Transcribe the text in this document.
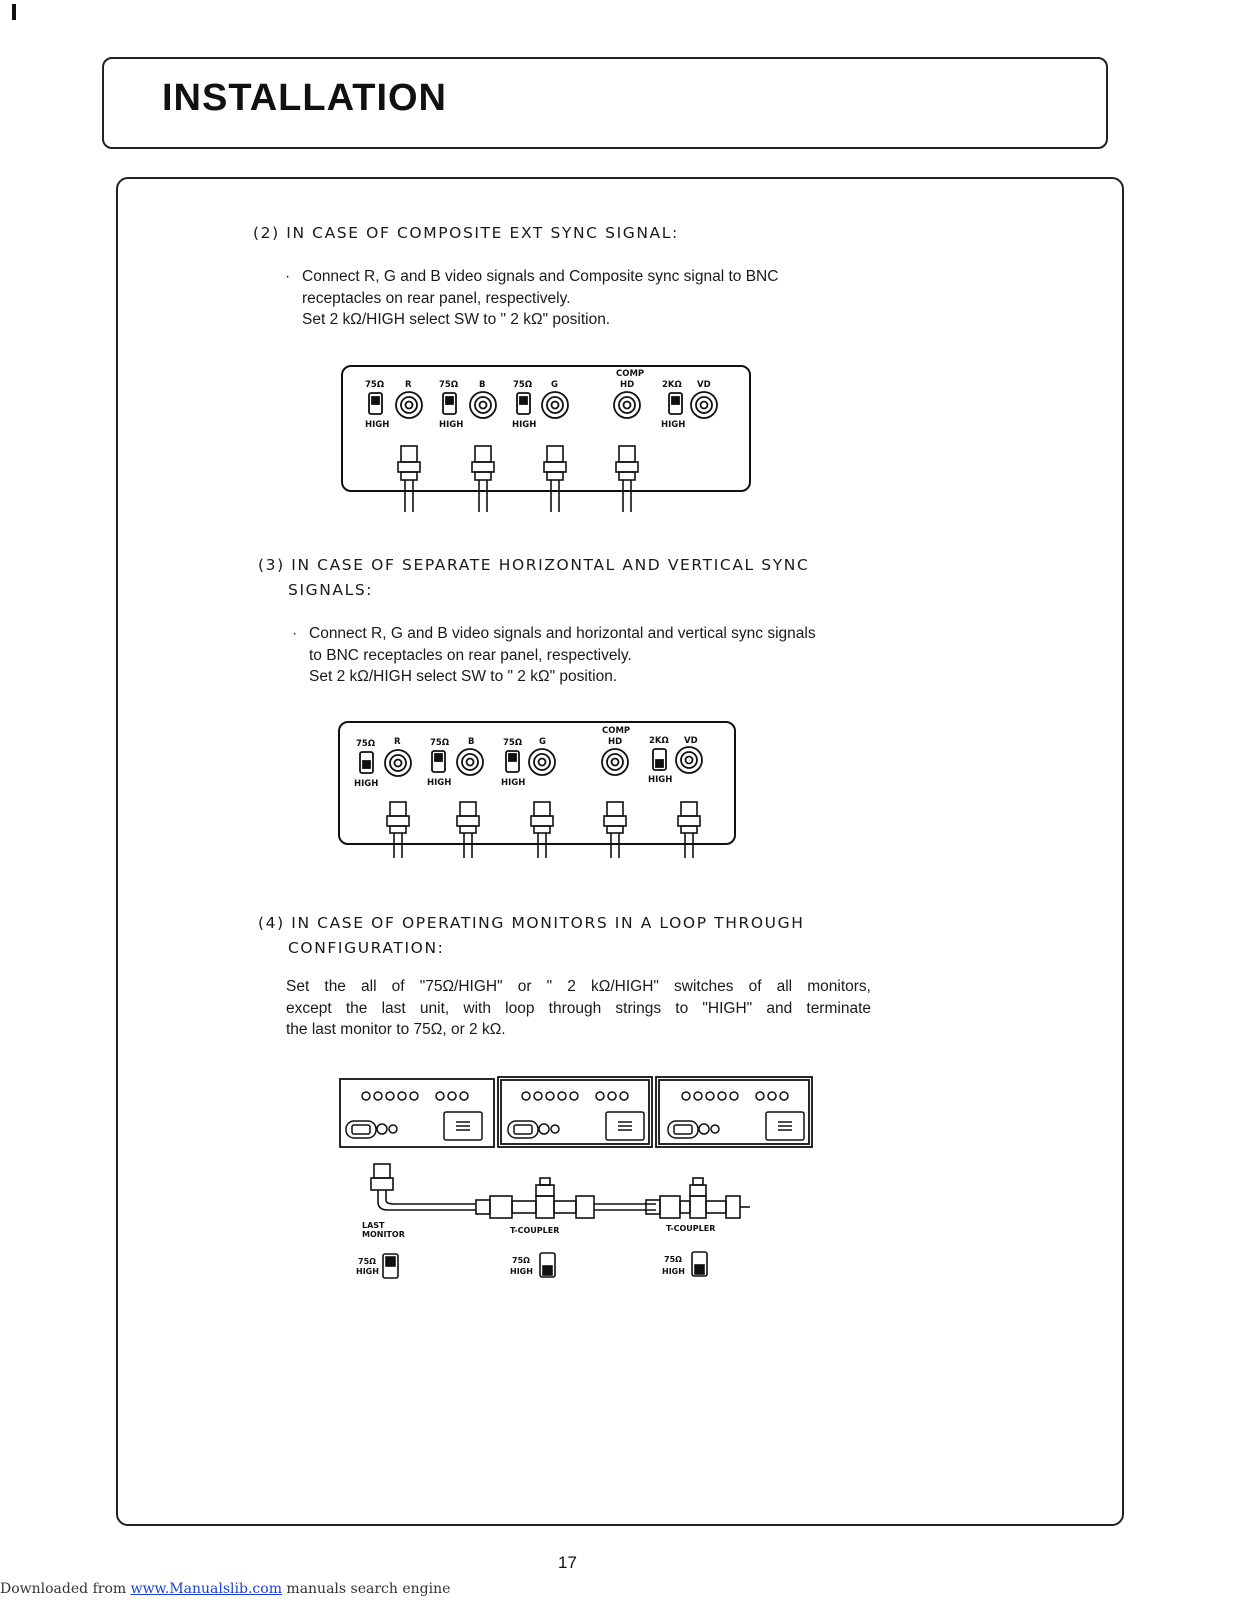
INSTALLATION
(2) IN CASE OF COMPOSITE EXT SYNC SIGNAL:
· Connect R, G and B video signals and Composite sync signal to BNC
receptacles on rear panel, respectively.
Set 2 kΩ/HIGH select SW to " 2 kΩ" position.
75Ω R	75Ω B	75Ω G
COMP
HD	2KΩ VD
HIGH	HIGH	HIGH	HIGH
(3) IN CASE OF SEPARATE HORIZONTAL AND VERTICAL SYNC
SIGNALS:
· Connect R, G and B video signals and horizontal and vertical sync signals
to BNC receptacles on rear panel, respectively.
Set 2 kΩ/HIGH select SW to " 2 kΩ" position.
75Ω R	75Ω B	75Ω G
COMP
HD	2KΩ VD
HIGH	HIGH	HIGH	HIGH
(4) IN CASE OF OPERATING MONITORS IN A LOOP THROUGH
CONFIGURATION:
Set the all of "75Ω/HIGH" or " 2 kΩ/HIGH" switches of all monitors,
except the last unit, with loop through strings to "HIGH" and terminate
the last monitor to 75Ω, or 2 kΩ.
LAST
MONITOR	T-COUPLER	T-COUPLER
75Ω
HIGH
75Ω
HIGH
75Ω
HIGH
17
Downloaded from www.Manualslib.com manuals search engine
